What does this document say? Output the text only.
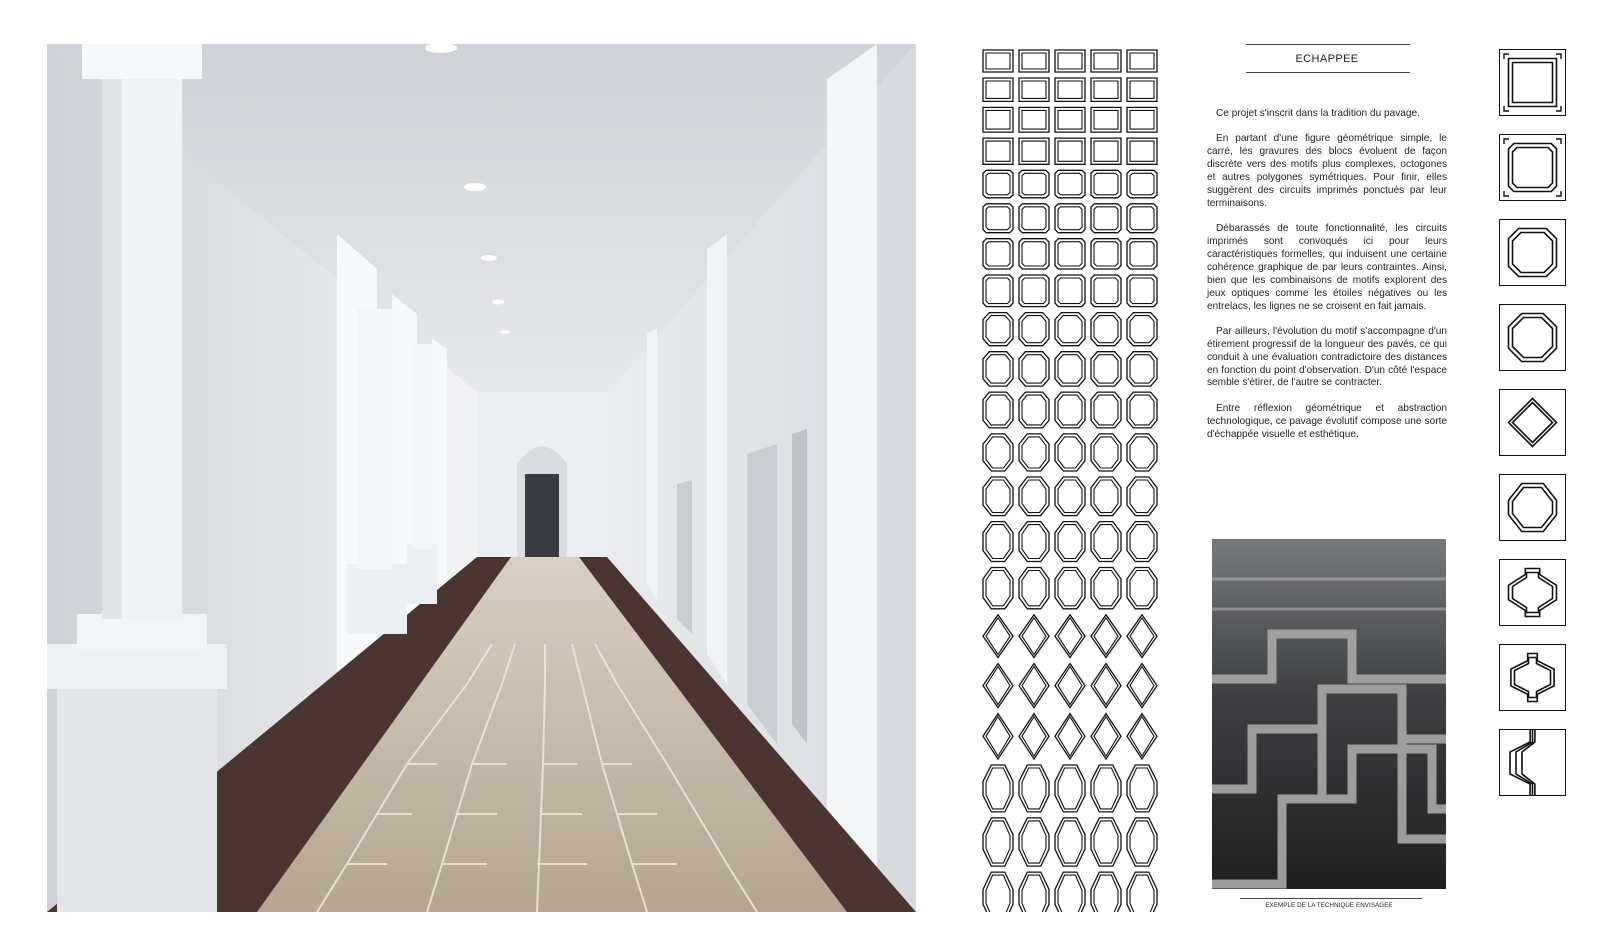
ECHAPPEE

Ce projet s'inscrit dans la tradition du pavage.

En partant d'une figure géométrique simple, le carré, les gravures des blocs évoluent de façon discrète vers des motifs plus complexes, octogones et autres polygones symétriques. Pour finir, elles suggèrent des circuits imprimés ponctués par leur terminaisons.

Débarassés de toute fonctionnalité, les circuits imprimés sont convoqués ici pour leurs caractéristiques formelles, qui induisent une certaine cohérence graphique de par leurs contraintes. Ainsi, bien que les combinaisons de motifs explorent des jeux optiques comme les étoiles négatives ou les entrelacs, les lignes ne se croisent en fait jamais.

Par ailleurs, l'évolution du motif s'accompagne d'un étirement progressif de la longueur des pavés, ce qui conduit à une évaluation contradictoire des distances en fonction du point d'observation. D'un côté l'espace semble s'étirer, de l'autre se contracter.

Entre réflexion géométrique et abstraction technologique, ce pavage évolutif compose une sorte d'échappée visuelle et esthétique.

EXEMPLE DE LA TECHNIQUE ENVISAGEE
